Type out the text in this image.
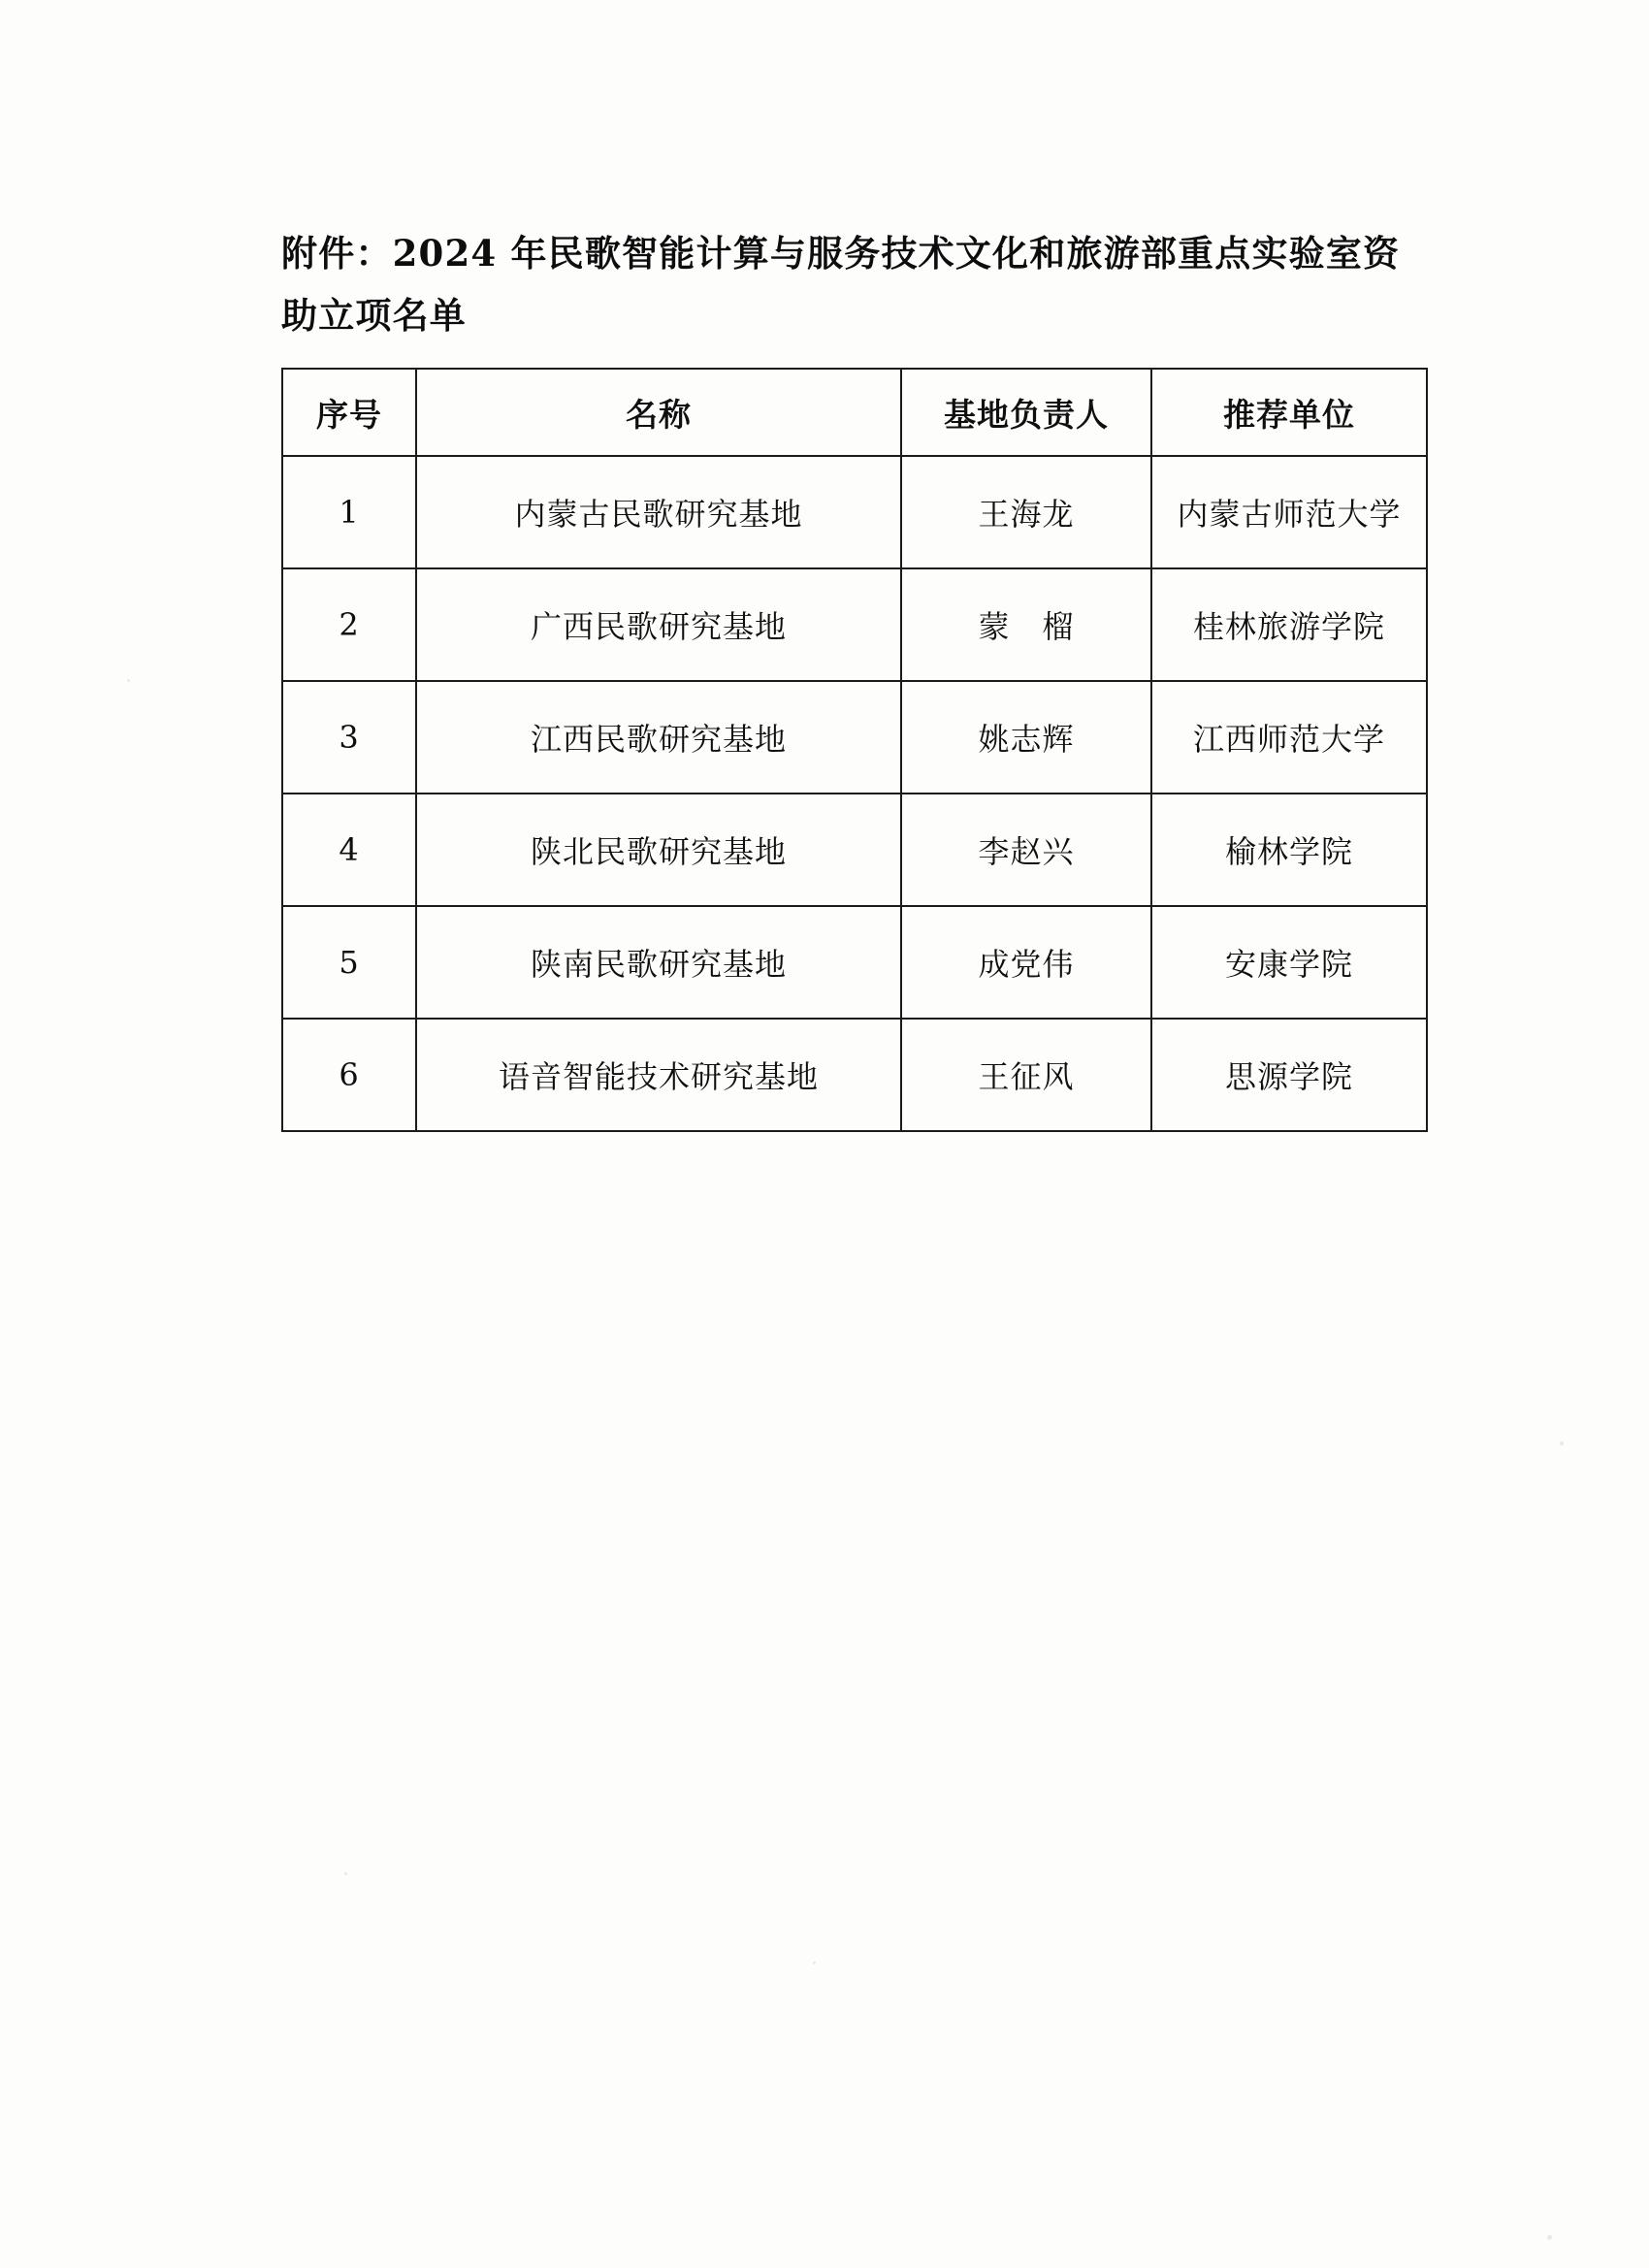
附件：2024 年民歌智能计算与服务技术文化和旅游部重点实验室资
助立项名单
序号	名称	基地负责人	推荐单位
1	内蒙古民歌研究基地	王海龙	内蒙古师范大学
2	广西民歌研究基地	蒙　榴	桂林旅游学院
3	江西民歌研究基地	姚志辉	江西师范大学
4	陕北民歌研究基地	李赵兴	榆林学院
5	陕南民歌研究基地	成党伟	安康学院
6	语音智能技术研究基地	王征风	思源学院
